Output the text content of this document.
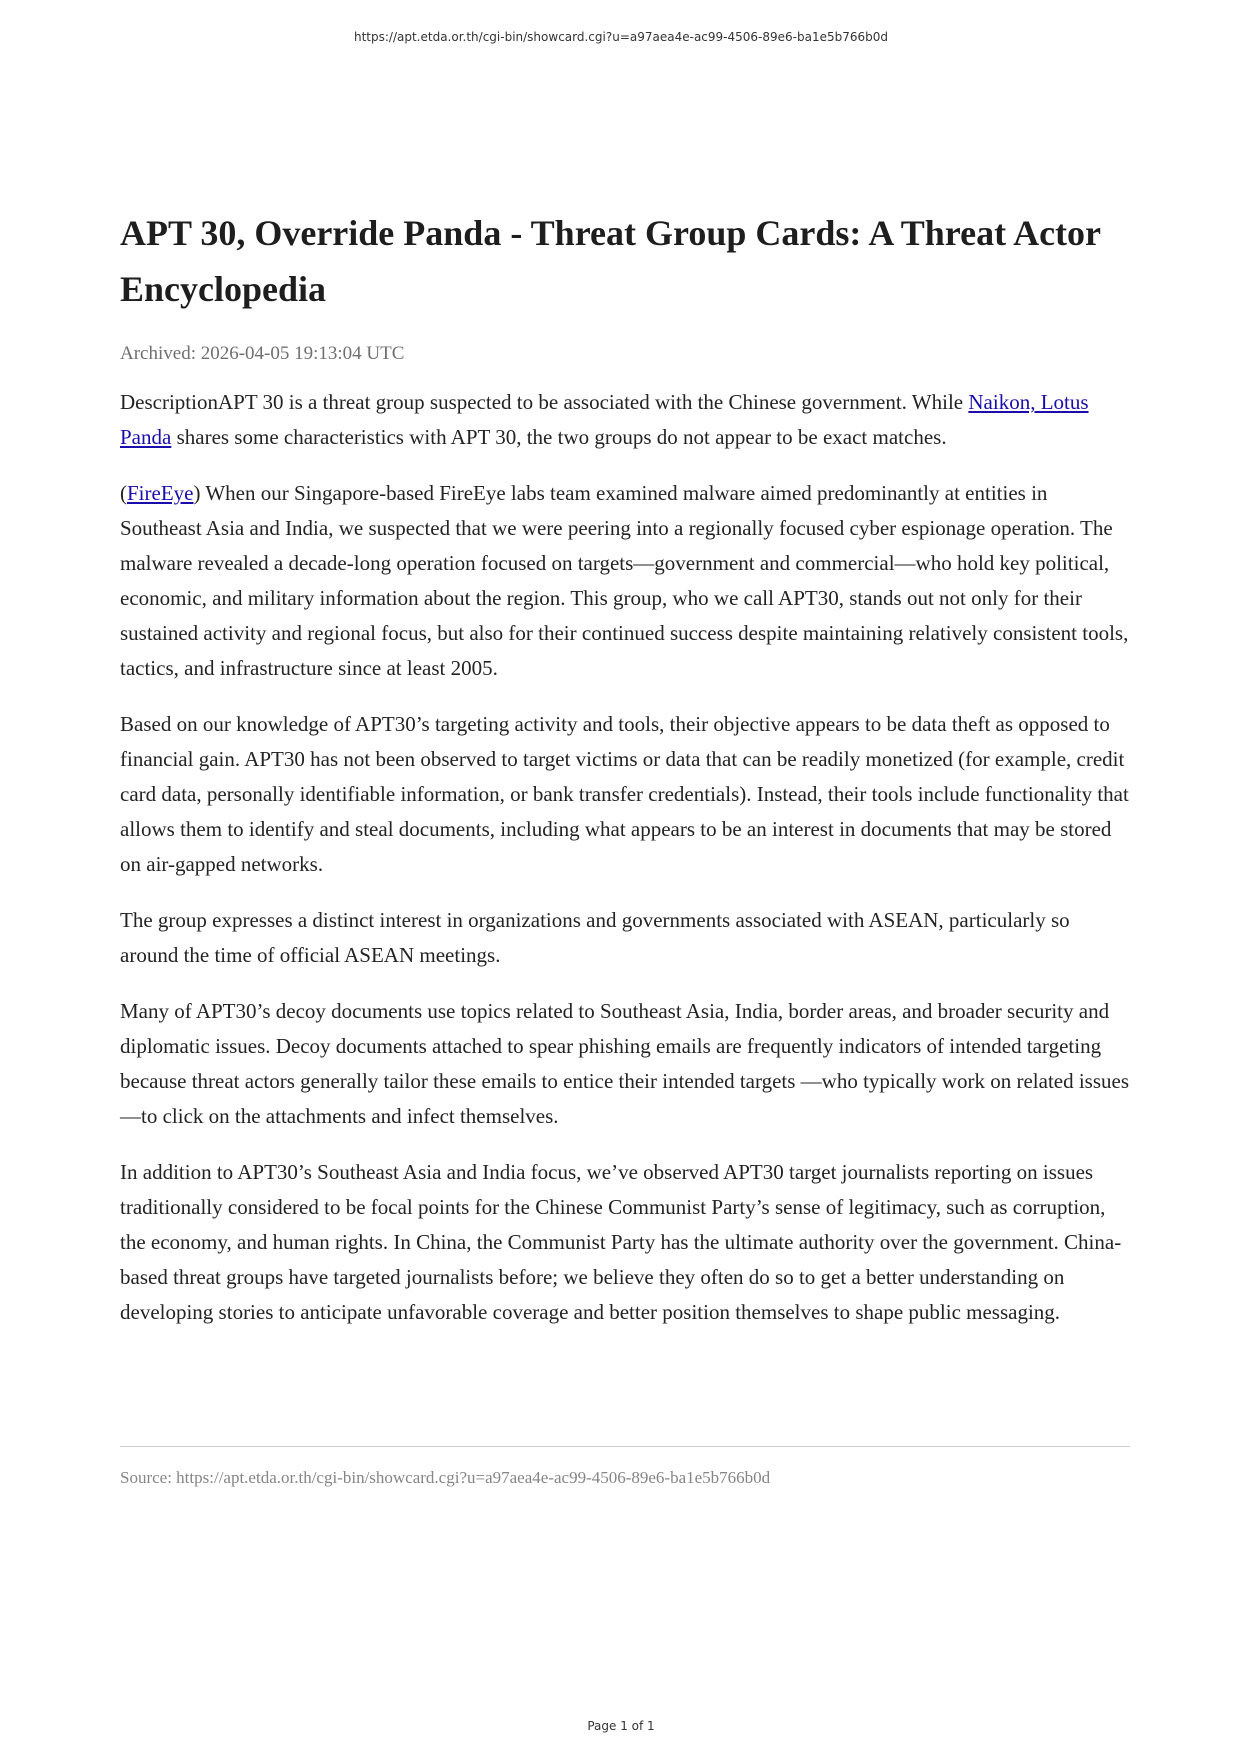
https://apt.etda.or.th/cgi-bin/showcard.cgi?u=a97aea4e-ac99-4506-89e6-ba1e5b766b0d
APT 30, Override Panda - Threat Group Cards: A Threat Actor Encyclopedia
Archived: 2026-04-05 19:13:04 UTC

DescriptionAPT 30 is a threat group suspected to be associated with the Chinese government. While Naikon, Lotus Panda shares some characteristics with APT 30, the two groups do not appear to be exact matches.

(FireEye) When our Singapore-based FireEye labs team examined malware aimed predominantly at entities in Southeast Asia and India, we suspected that we were peering into a regionally focused cyber espionage operation. The malware revealed a decade-long operation focused on targets—government and commercial—who hold key political, economic, and military information about the region. This group, who we call APT30, stands out not only for their sustained activity and regional focus, but also for their continued success despite maintaining relatively consistent tools, tactics, and infrastructure since at least 2005.

Based on our knowledge of APT30’s targeting activity and tools, their objective appears to be data theft as opposed to financial gain. APT30 has not been observed to target victims or data that can be readily monetized (for example, credit card data, personally identifiable information, or bank transfer credentials). Instead, their tools include functionality that allows them to identify and steal documents, including what appears to be an interest in documents that may be stored on air-gapped networks.

The group expresses a distinct interest in organizations and governments associated with ASEAN, particularly so around the time of official ASEAN meetings.

Many of APT30’s decoy documents use topics related to Southeast Asia, India, border areas, and broader security and diplomatic issues. Decoy documents attached to spear phishing emails are frequently indicators of intended targeting because threat actors generally tailor these emails to entice their intended targets —who typically work on related issues—to click on the attachments and infect themselves.

In addition to APT30’s Southeast Asia and India focus, we’ve observed APT30 target journalists reporting on issues traditionally considered to be focal points for the Chinese Communist Party’s sense of legitimacy, such as corruption, the economy, and human rights. In China, the Communist Party has the ultimate authority over the government. China-based threat groups have targeted journalists before; we believe they often do so to get a better understanding on developing stories to anticipate unfavorable coverage and better position themselves to shape public messaging.

Source: https://apt.etda.or.th/cgi-bin/showcard.cgi?u=a97aea4e-ac99-4506-89e6-ba1e5b766b0d
Page 1 of 1
